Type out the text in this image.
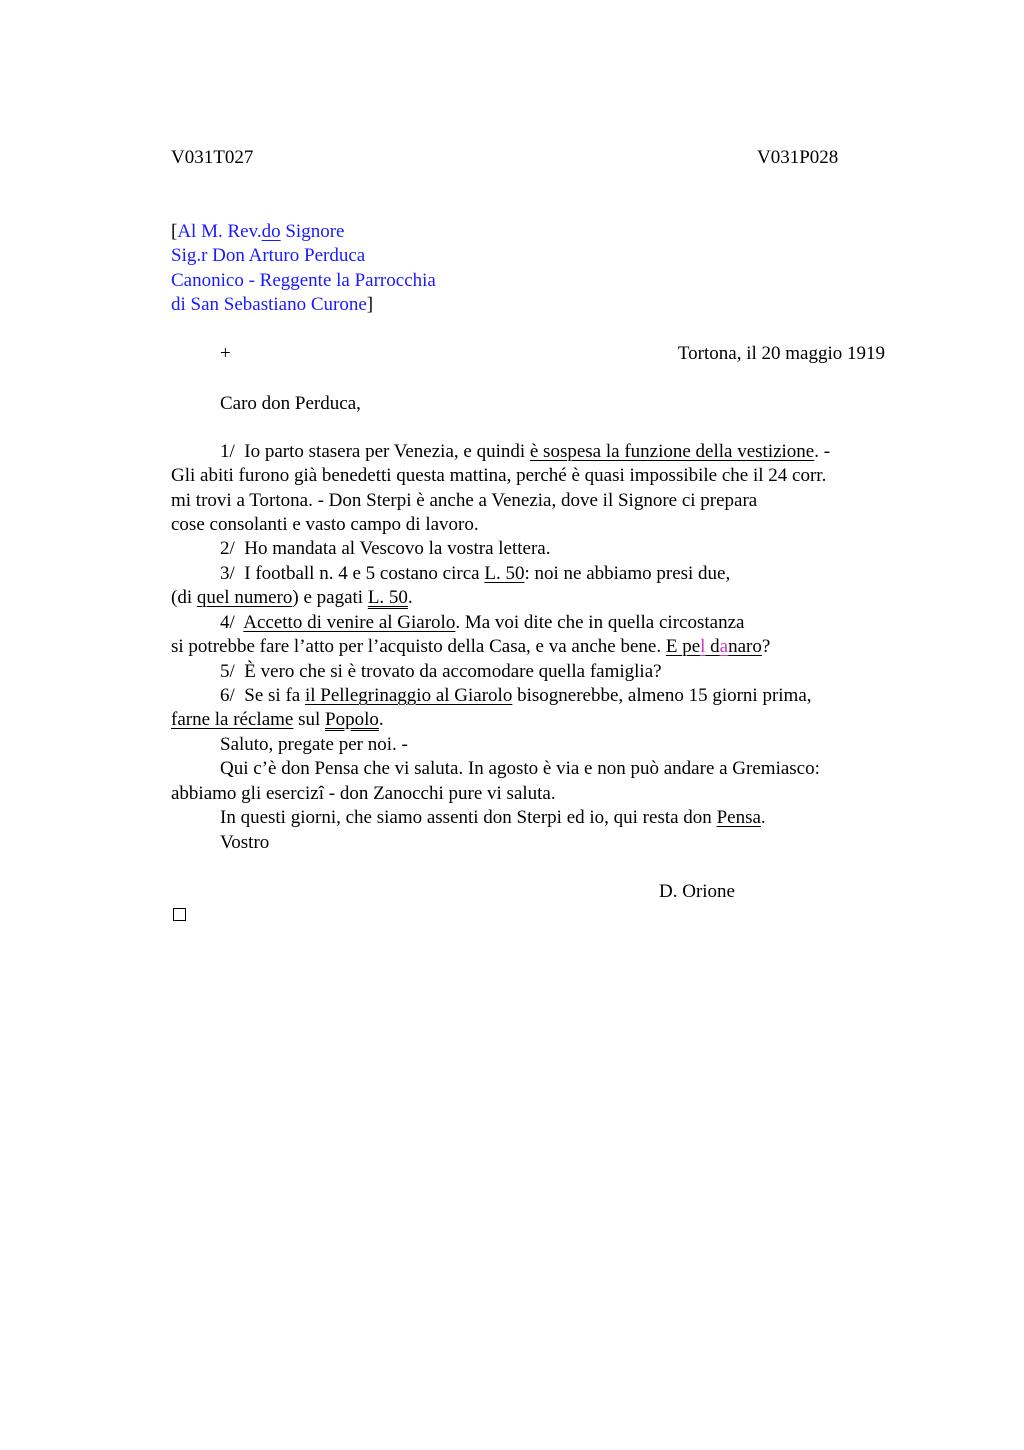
V031T027	V031P028
[Al M. Rev.do Signore
Sig.r Don Arturo Perduca
Canonico - Reggente la Parrocchia
di San Sebastiano Curone]
+	Tortona, il 20 maggio 1919
Caro don Perduca,
1/  Io parto stasera per Venezia, e quindi è sospesa la funzione della vestizione. -
Gli abiti furono già benedetti questa mattina, perché è quasi impossibile che il 24 corr.
mi trovi a Tortona. - Don Sterpi è anche a Venezia, dove il Signore ci prepara
cose consolanti e vasto campo di lavoro.
2/  Ho mandata al Vescovo la vostra lettera.
3/  I football n. 4 e 5 costano circa L. 50: noi ne abbiamo presi due,
(di quel numero) e pagati L. 50.
4/  Accetto di venire al Giarolo. Ma voi dite che in quella circostanza
si potrebbe fare l’atto per l’acquisto della Casa, e va anche bene. E pel danaro?
5/  È vero che si è trovato da accomodare quella famiglia?
6/  Se si fa il Pellegrinaggio al Giarolo bisognerebbe, almeno 15 giorni prima,
farne la réclame sul Popolo.
Saluto, pregate per noi. -
Qui c’è don Pensa che vi saluta. In agosto è via e non può andare a Gremiasco:
abbiamo gli esercizi - don Zanocchi pure vi saluta.
In questi giorni, che siamo assenti don Sterpi ed io, qui resta don Pensa.
Vostro
D. Orione
